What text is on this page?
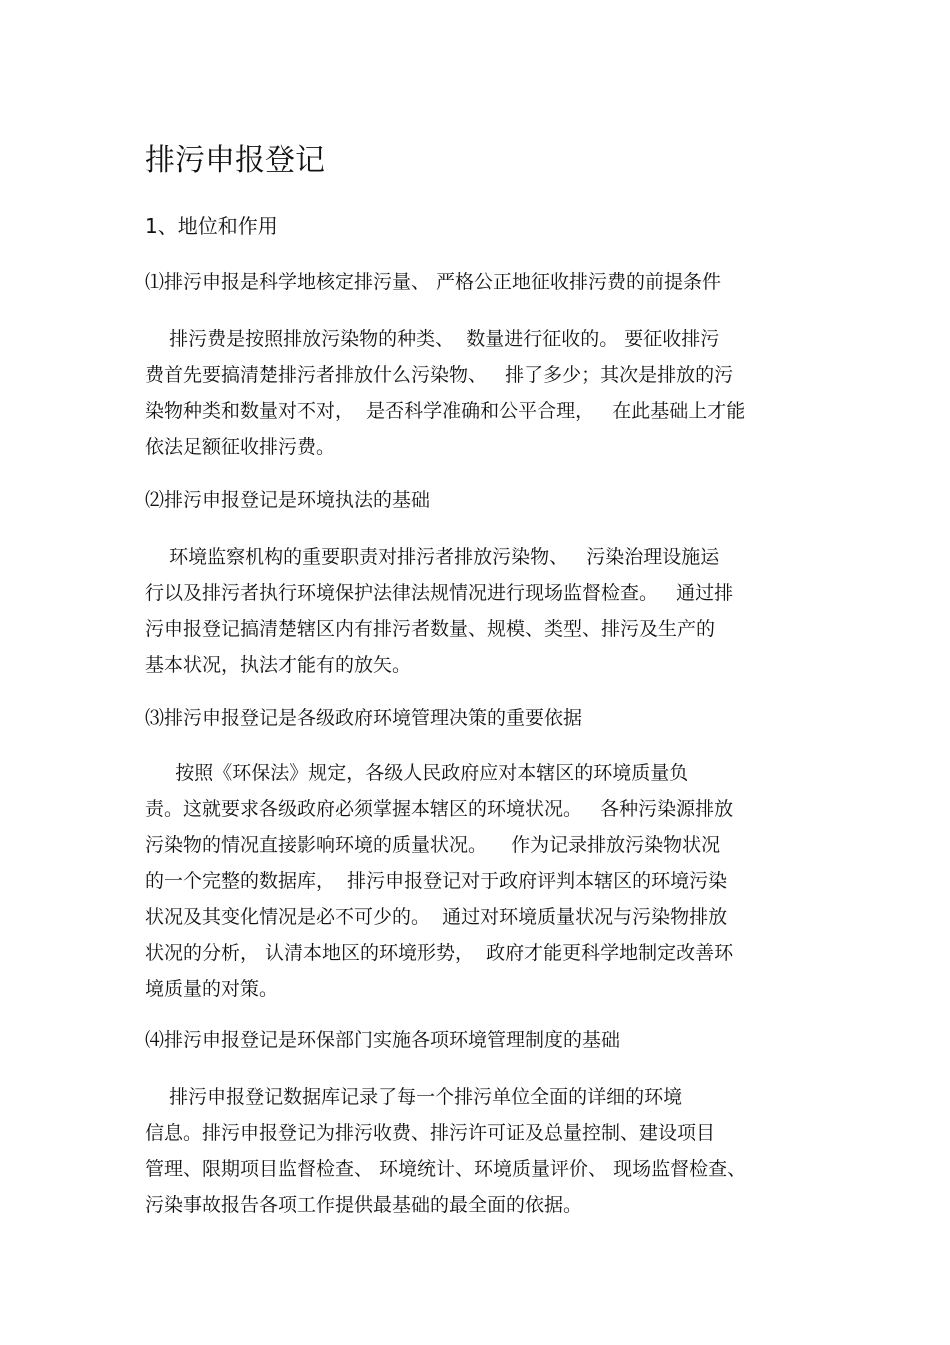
排污申报登记
1、地位和作用
⑴排污申报是科学地核定排污量、 严格公正地征收排污费的前提条件
排污费是按照排放污染物的种类、  数量进行征收的。 要征收排污
费首先要搞清楚排污者排放什么污染物、   排了多少；其次是排放的污
染物种类和数量对不对，  是否科学准确和公平合理，   在此基础上才能
依法足额征收排污费。
⑵排污申报登记是环境执法的基础
环境监察机构的重要职责对排污者排放污染物、   污染治理设施运
行以及排污者执行环境保护法律法规情况进行现场监督检查。   通过排
污申报登记搞清楚辖区内有排污者数量、规模、类型、排污及生产的
基本状况，执法才能有的放矢。
⑶排污申报登记是各级政府环境管理决策的重要依据
按照《环保法》规定，各级人民政府应对本辖区的环境质量负
责。这就要求各级政府必须掌握本辖区的环境状况。   各种污染源排放
污染物的情况直接影响环境的质量状况。    作为记录排放污染物状况
的一个完整的数据库，  排污申报登记对于政府评判本辖区的环境污染
状况及其变化情况是必不可少的。  通过对环境质量状况与污染物排放
状况的分析， 认清本地区的环境形势，  政府才能更科学地制定改善环
境质量的对策。
⑷排污申报登记是环保部门实施各项环境管理制度的基础
排污申报登记数据库记录了每一个排污单位全面的详细的环境
信息。排污申报登记为排污收费、排污许可证及总量控制、建设项目
管理、限期项目监督检查、 环境统计、环境质量评价、 现场监督检查、
污染事故报告各项工作提供最基础的最全面的依据。
